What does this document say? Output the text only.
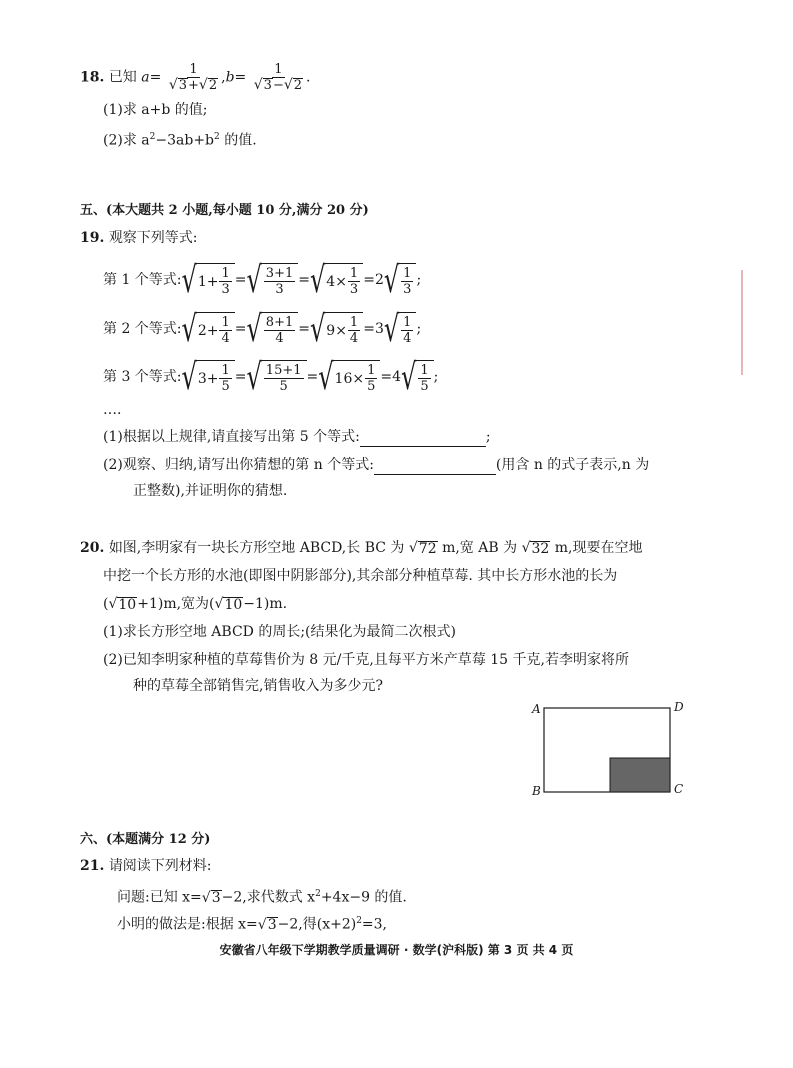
18. 已知 $a= \frac{1}{√ 3 + √ 2} ,b= \frac{1}{√ 3 - √ 2}$ .
(1)求 a+b 的值;
(2)求 $a^2-3ab+b^2$ 的值.
五、(本大题共 2 小题,每小题 10 分,满分 20 分)
19. 观察下列等式:
第 1 个等式: √ $1 + \frac{1}{3}$ = √ $\frac{3+1}{3}$ = √ $4 \times \frac{1}{3} = 2$ √ $\frac{1}{3}$ ;
第 2 个等式: √ $2 + \frac{1}{4}$ = √ $\frac{8+1}{4}$ = √ $9 \times \frac{1}{4} = 3$ √ $\frac{1}{4}$ ;
第 3 个等式: √ $3 + \frac{1}{5}$ = √ $\frac{15+1}{5}$ = √ $16 \times \frac{1}{5} = 4$ √ $\frac{1}{5}$ ;
….
(1)根据以上规律,请直接写出第 5 个等式:	;
(2)观察、归纳,请写出你猜想的第 n 个等式:	(用含 n 的式子表示,n 为
正整数),并证明你的猜想.
20. 如图,李明家有一块长方形空地 ABCD,长 BC 为 √ 72 m,宽 AB 为 √ 32 m,现要在空地
中挖一个长方形的水池(即图中阴影部分),其余部分种植草莓. 其中长方形水池的长为
( √ 10 +1)m,宽为( √ 10 −1)m.
(1)求长方形空地 ABCD 的周长;(结果化为最简二次根式)
(2)已知李明家种植的草莓售价为 8 元/千克,且每平方米产草莓 15 千克,若李明家将所
种的草莓全部销售完,销售收入为多少元?
A	D
B	C
六、(本题满分 12 分)
21. 请阅读下列材料:
问题:已知 x= √ 3 −2,求代数式 $x^2+4x-9$ 的值.
小明的做法是:根据 x= √ 3 −2,得$(x+2)^2=3$,
安徽省八年级下学期教学质量调研 · 数学(沪科版) 第 3 页 共 4 页
